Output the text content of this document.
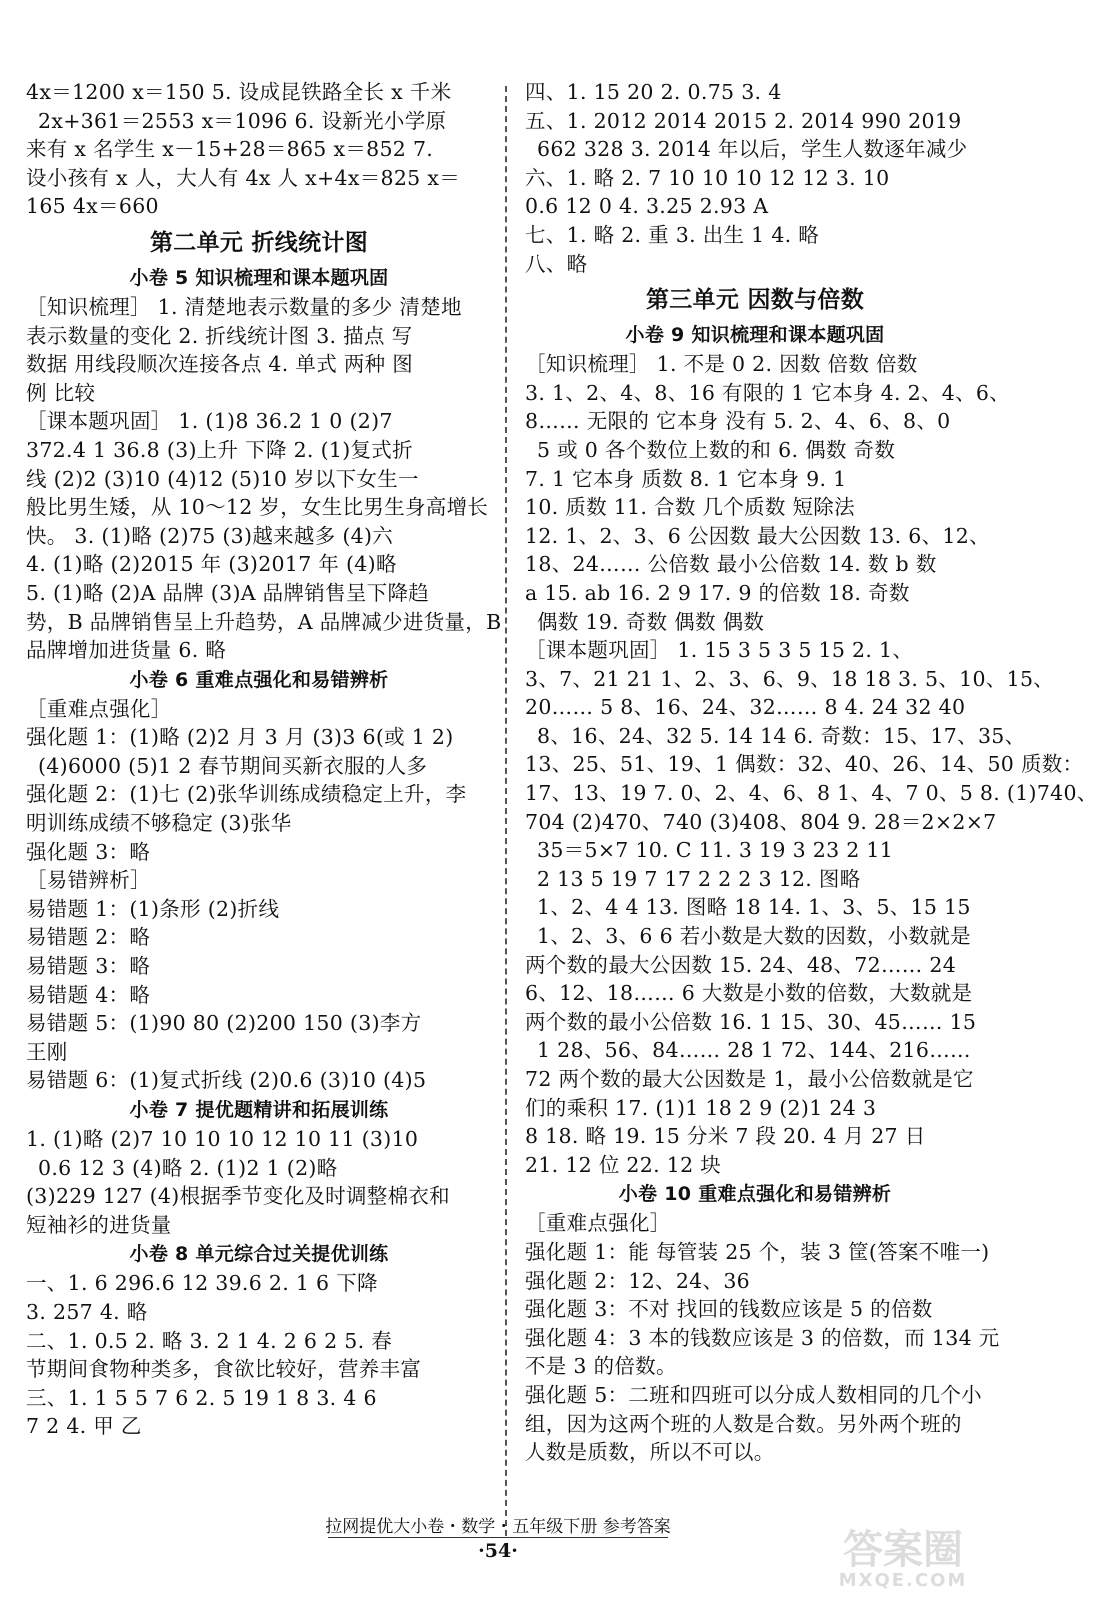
4x＝1200 x＝150 5. 设成昆铁路全长 x 千米
2x+361＝2553 x＝1096 6. 设新光小学原
来有 x 名学生 x－15+28＝865 x＝852 7.
设小孩有 x 人，大人有 4x 人 x+4x＝825 x＝
165 4x＝660
第二单元 折线统计图
小卷 5 知识梳理和课本题巩固
［知识梳理］ 1. 清楚地表示数量的多少 清楚地
表示数量的变化 2. 折线统计图 3. 描点 写
数据 用线段顺次连接各点 4. 单式 两种 图
例 比较
［课本题巩固］ 1. (1)8 36.2 1 0 (2)7
372.4 1 36.8 (3)上升 下降 2. (1)复式折
线 (2)2 (3)10 (4)12 (5)10 岁以下女生一
般比男生矮，从 10～12 岁，女生比男生身高增长
快。 3. (1)略 (2)75 (3)越来越多 (4)六
4. (1)略 (2)2015 年 (3)2017 年 (4)略
5. (1)略 (2)A 品牌 (3)A 品牌销售呈下降趋
势，B 品牌销售呈上升趋势，A 品牌减少进货量，B
品牌增加进货量 6. 略
小卷 6 重难点强化和易错辨析
［重难点强化］
强化题 1：(1)略 (2)2 月 3 月 (3)3 6(或 1 2)
(4)6000 (5)1 2 春节期间买新衣服的人多
强化题 2：(1)七 (2)张华训练成绩稳定上升，李
明训练成绩不够稳定 (3)张华
强化题 3：略
［易错辨析］
易错题 1：(1)条形 (2)折线
易错题 2：略
易错题 3：略
易错题 4：略
易错题 5：(1)90 80 (2)200 150 (3)李方
王刚
易错题 6：(1)复式折线 (2)0.6 (3)10 (4)5
小卷 7 提优题精讲和拓展训练
1. (1)略 (2)7 10 10 10 12 10 11 (3)10
0.6 12 3 (4)略 2. (1)2 1 (2)略
(3)229 127 (4)根据季节变化及时调整棉衣和
短袖衫的进货量
小卷 8 单元综合过关提优训练
一、1. 6 296.6 12 39.6 2. 1 6 下降
3. 257 4. 略
二、1. 0.5 2. 略 3. 2 1 4. 2 6 2 5. 春
节期间食物种类多，食欲比较好，营养丰富
三、1. 1 5 5 7 6 2. 5 19 1 8 3. 4 6
7 2 4. 甲 乙
四、1. 15 20 2. 0.75 3. 4
五、1. 2012 2014 2015 2. 2014 990 2019
662 328 3. 2014 年以后，学生人数逐年减少
六、1. 略 2. 7 10 10 10 12 12 3. 10
0.6 12 0 4. 3.25 2.93 A
七、1. 略 2. 重 3. 出生 1 4. 略
八、略
第三单元 因数与倍数
小卷 9 知识梳理和课本题巩固
［知识梳理］ 1. 不是 0 2. 因数 倍数 倍数
3. 1、2、4、8、16 有限的 1 它本身 4. 2、4、6、
8…… 无限的 它本身 没有 5. 2、4、6、8、0
5 或 0 各个数位上数的和 6. 偶数 奇数
7. 1 它本身 质数 8. 1 它本身 9. 1
10. 质数 11. 合数 几个质数 短除法
12. 1、2、3、6 公因数 最大公因数 13. 6、12、
18、24…… 公倍数 最小公倍数 14. 数 b 数
a 15. ab 16. 2 9 17. 9 的倍数 18. 奇数
偶数 19. 奇数 偶数 偶数
［课本题巩固］ 1. 15 3 5 3 5 15 2. 1、
3、7、21 21 1、2、3、6、9、18 18 3. 5、10、15、
20…… 5 8、16、24、32…… 8 4. 24 32 40
8、16、24、32 5. 14 14 6. 奇数：15、17、35、
13、25、51、19、1 偶数：32、40、26、14、50 质数：
17、13、19 7. 0、2、4、6、8 1、4、7 0、5 8. (1)740、
704 (2)470、740 (3)408、804 9. 28＝2×2×7
35＝5×7 10. C 11. 3 19 3 23 2 11
2 13 5 19 7 17 2 2 2 3 12. 图略
1、2、4 4 13. 图略 18 14. 1、3、5、15 15
1、2、3、6 6 若小数是大数的因数，小数就是
两个数的最大公因数 15. 24、48、72…… 24
6、12、18…… 6 大数是小数的倍数，大数就是
两个数的最小公倍数 16. 1 15、30、45…… 15
1 28、56、84…… 28 1 72、144、216……
72 两个数的最大公因数是 1，最小公倍数就是它
们的乘积 17. (1)1 18 2 9 (2)1 24 3
8 18. 略 19. 15 分米 7 段 20. 4 月 27 日
21. 12 位 22. 12 块
小卷 10 重难点强化和易错辨析
［重难点强化］
强化题 1：能 每管装 25 个，装 3 筐(答案不唯一)
强化题 2：12、24、36
强化题 3：不对 找回的钱数应该是 5 的倍数
强化题 4：3 本的钱数应该是 3 的倍数，而 134 元
不是 3 的倍数。
强化题 5：二班和四班可以分成人数相同的几个小
组，因为这两个班的人数是合数。另外两个班的
人数是质数，所以不可以。
拉网提优大小卷・数学・五年级下册 参考答案
·54·	答案圈
MXQE.COM
